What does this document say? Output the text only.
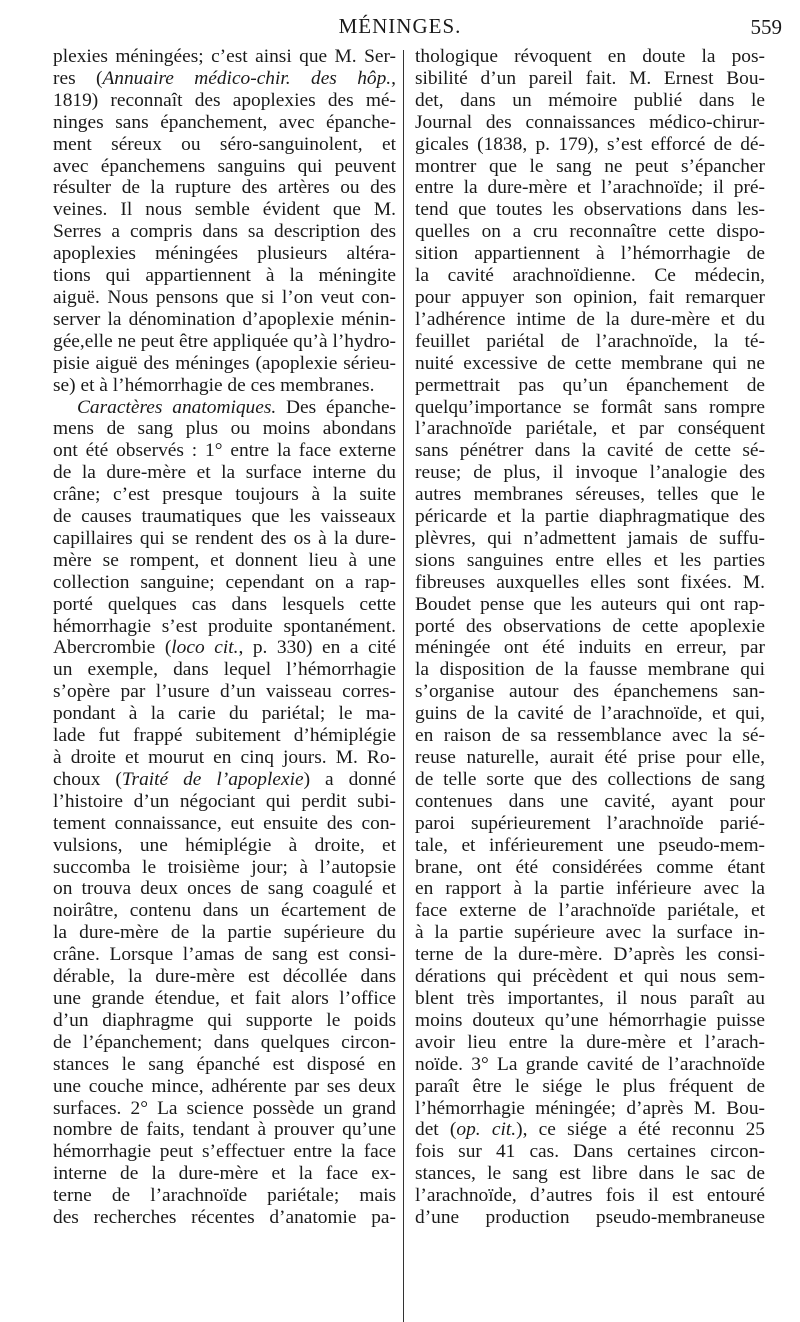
MÉNINGES.	559
plexies méningées; c’est ainsi que M. Ser-
res (Annuaire médico-chir. des hôp.,
1819) reconnaît des apoplexies des mé-
ninges sans épanchement, avec épanche-
ment séreux ou séro-sanguinolent, et
avec épanchemens sanguins qui peuvent
résulter de la rupture des artères ou des
veines. Il nous semble évident que M.
Serres a compris dans sa description des
apoplexies méningées plusieurs altéra-
tions qui appartiennent à la méningite
aiguë. Nous pensons que si l’on veut con-
server la dénomination d’apoplexie ménin-
gée,elle ne peut être appliquée qu’à l’hydro-
pisie aiguë des méninges (apoplexie sérieu-
se) et à l’hémorrhagie de ces membranes.
Caractères anatomiques. Des épanche-
mens de sang plus ou moins abondans
ont été observés : 1° entre la face externe
de la dure-mère et la surface interne du
crâne; c’est presque toujours à la suite
de causes traumatiques que les vaisseaux
capillaires qui se rendent des os à la dure-
mère se rompent, et donnent lieu à une
collection sanguine; cependant on a rap-
porté quelques cas dans lesquels cette
hémorrhagie s’est produite spontanément.
Abercrombie (loco cit., p. 330) en a cité
un exemple, dans lequel l’hémorrhagie
s’opère par l’usure d’un vaisseau corres-
pondant à la carie du pariétal; le ma-
lade fut frappé subitement d’hémiplégie
à droite et mourut en cinq jours. M. Ro-
choux (Traité de l’apoplexie) a donné
l’histoire d’un négociant qui perdit subi-
tement connaissance, eut ensuite des con-
vulsions, une hémiplégie à droite, et
succomba le troisième jour; à l’autopsie
on trouva deux onces de sang coagulé et
noirâtre, contenu dans un écartement de
la dure-mère de la partie supérieure du
crâne. Lorsque l’amas de sang est consi-
dérable, la dure-mère est décollée dans
une grande étendue, et fait alors l’office
d’un diaphragme qui supporte le poids
de l’épanchement; dans quelques circon-
stances le sang épanché est disposé en
une couche mince, adhérente par ses deux
surfaces. 2° La science possède un grand
nombre de faits, tendant à prouver qu’une
hémorrhagie peut s’effectuer entre la face
interne de la dure-mère et la face ex-
terne de l’arachnoïde pariétale; mais
des recherches récentes d’anatomie pa-
thologique révoquent en doute la pos-
sibilité d’un pareil fait. M. Ernest Bou-
det, dans un mémoire publié dans le
Journal des connaissances médico-chirur-
gicales (1838, p. 179), s’est efforcé de dé-
montrer que le sang ne peut s’épancher
entre la dure-mère et l’arachnoïde; il pré-
tend que toutes les observations dans les-
quelles on a cru reconnaître cette dispo-
sition appartiennent à l’hémorrhagie de
la cavité arachnoïdienne. Ce médecin,
pour appuyer son opinion, fait remarquer
l’adhérence intime de la dure-mère et du
feuillet pariétal de l’arachnoïde, la té-
nuité excessive de cette membrane qui ne
permettrait pas qu’un épanchement de
quelqu’importance se formât sans rompre
l’arachnoïde pariétale, et par conséquent
sans pénétrer dans la cavité de cette sé-
reuse; de plus, il invoque l’analogie des
autres membranes séreuses, telles que le
péricarde et la partie diaphragmatique des
plèvres, qui n’admettent jamais de suffu-
sions sanguines entre elles et les parties
fibreuses auxquelles elles sont fixées. M.
Boudet pense que les auteurs qui ont rap-
porté des observations de cette apoplexie
méningée ont été induits en erreur, par
la disposition de la fausse membrane qui
s’organise autour des épanchemens san-
guins de la cavité de l’arachnoïde, et qui,
en raison de sa ressemblance avec la sé-
reuse naturelle, aurait été prise pour elle,
de telle sorte que des collections de sang
contenues dans une cavité, ayant pour
paroi supérieurement l’arachnoïde parié-
tale, et inférieurement une pseudo-mem-
brane, ont été considérées comme étant
en rapport à la partie inférieure avec la
face externe de l’arachnoïde pariétale, et
à la partie supérieure avec la surface in-
terne de la dure-mère. D’après les consi-
dérations qui précèdent et qui nous sem-
blent très importantes, il nous paraît au
moins douteux qu’une hémorrhagie puisse
avoir lieu entre la dure-mère et l’arach-
noïde. 3° La grande cavité de l’arachnoïde
paraît être le siége le plus fréquent de
l’hémorrhagie méningée; d’après M. Bou-
det (op. cit.), ce siége a été reconnu 25
fois sur 41 cas. Dans certaines circon-
stances, le sang est libre dans le sac de
l’arachnoïde, d’autres fois il est entouré
d’une production pseudo-membraneuse
